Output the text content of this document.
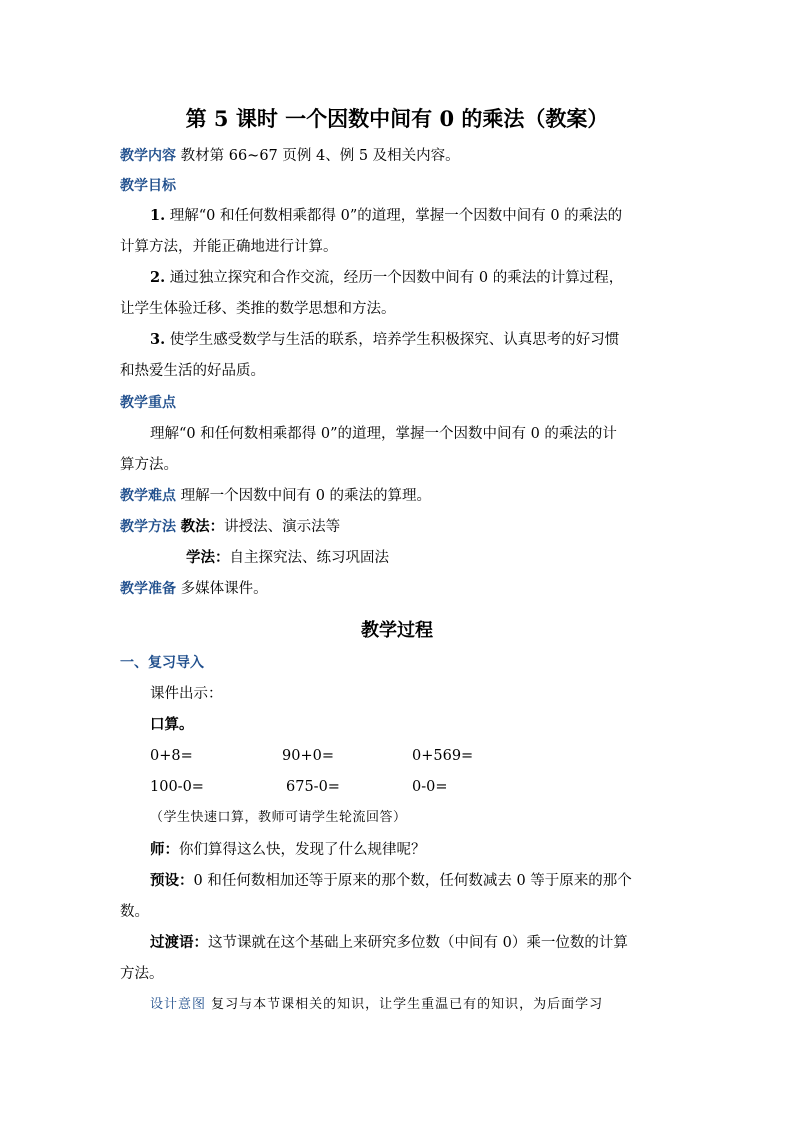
第 5 课时 一个因数中间有 0 的乘法（教案）
教学内容 教材第 66~67 页例 4、例 5 及相关内容。
教学目标
1. 理解“0 和任何数相乘都得 0”的道理，掌握一个因数中间有 0 的乘法的
计算方法，并能正确地进行计算。
2. 通过独立探究和合作交流，经历一个因数中间有 0 的乘法的计算过程，
让学生体验迁移、类推的数学思想和方法。
3. 使学生感受数学与生活的联系，培养学生积极探究、认真思考的好习惯
和热爱生活的好品质。
教学重点
理解“0 和任何数相乘都得 0”的道理，掌握一个因数中间有 0 的乘法的计
算方法。
教学难点 理解一个因数中间有 0 的乘法的算理。
教学方法 教法：讲授法、演示法等
学法：自主探究法、练习巩固法
教学准备 多媒体课件。
教学过程
一、复习导入
课件出示：
口算。
0+8=	90+0=	0+569=
100-0=	675-0=	0-0=
（学生快速口算，教师可请学生轮流回答）
师：你们算得这么快，发现了什么规律呢？
预设：0 和任何数相加还等于原来的那个数，任何数减去 0 等于原来的那个
数。
过渡语：这节课就在这个基础上来研究多位数（中间有 0）乘一位数的计算
方法。
设计意图 复习与本节课相关的知识，让学生重温已有的知识，为后面学习
